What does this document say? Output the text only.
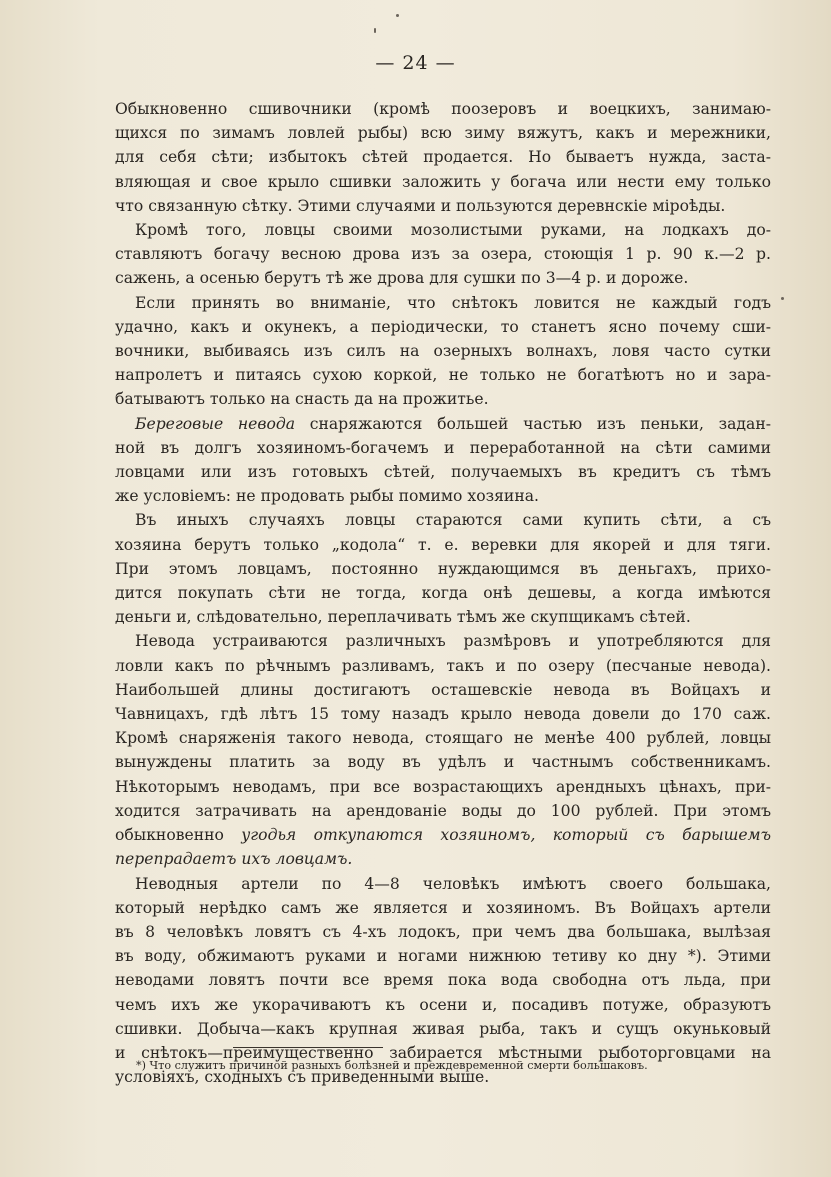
— 24 —

Обыкновенно сшивочники (кромѣ поозеровъ и воецкихъ, занимаю-
щихся по зимамъ ловлей рыбы) всю зиму вяжутъ, какъ и мережники,
для себя сѣти; избытокъ сѣтей продается. Но бываетъ нужда, заста-
вляющая и свое крыло сшивки заложить у богача или нести ему только
что связанную сѣтку. Этими случаями и пользуются деревнскіе міроѣды.

Кромѣ того, ловцы своими мозолистыми руками, на лодкахъ до-
ставляютъ богачу весною дрова изъ за озера, стоющія 1 р. 90 к.—2 р.
сажень, а осенью берутъ тѣ же дрова для сушки по 3—4 р. и дороже.

Если принять во вниманіе, что снѣтокъ ловится не каждый годъ
удачно, какъ и окунекъ, а періодически, то станетъ ясно почему сши-
вочники, выбиваясь изъ силъ на озерныхъ волнахъ, ловя часто сутки
напролетъ и питаясь сухою коркой, не только не богатѣютъ но и зара-
батываютъ только на снасть да на прожитье.

Береговые невода снаряжаются большей частью изъ пеньки, задан-
ной въ долгъ хозяиномъ-богачемъ и переработанной на сѣти самими
ловцами или изъ готовыхъ сѣтей, получаемыхъ въ кредитъ съ тѣмъ
же условіемъ: не продовать рыбы помимо хозяина.

Въ иныхъ случаяхъ ловцы стараются сами купить сѣти, а съ
хозяина берутъ только „кодола“ т. е. веревки для якорей и для тяги.
При этомъ ловцамъ, постоянно нуждающимся въ деньгахъ, прихо-
дится покупать сѣти не тогда, когда онѣ дешевы, а когда имѣются
деньги и, слѣдовательно, переплачивать тѣмъ же скупщикамъ сѣтей.

Невода устраиваются различныхъ размѣровъ и употребляются для
ловли какъ по рѣчнымъ разливамъ, такъ и по озеру (песчаные невода).
Наибольшей длины достигаютъ осташевскіе невода въ Войцахъ и
Чавницахъ, гдѣ лѣтъ 15 тому назадъ крыло невода довели до 170 саж.
Кромѣ снаряженія такого невода, стоящаго не менѣе 400 рублей, ловцы
вынуждены платить за воду въ удѣлъ и частнымъ собственникамъ.
Нѣкоторымъ неводамъ, при все возрастающихъ арендныхъ цѣнахъ, при-
ходится затрачивать на арендованіе воды до 100 рублей. При этомъ
обыкновенно угодья откупаются хозяиномъ, который съ барышемъ
перепрадаетъ ихъ ловцамъ.

Неводныя артели по 4—8 человѣкъ имѣютъ своего большака,
который нерѣдко самъ же является и хозяиномъ. Въ Войцахъ артели
въ 8 человѣкъ ловятъ съ 4-хъ лодокъ, при чемъ два большака, вылѣзая
въ воду, обжимаютъ руками и ногами нижнюю тетиву ко дну *). Этими
неводами ловятъ почти все время пока вода свободна отъ льда, при
чемъ ихъ же укорачиваютъ къ осени и, посадивъ потуже, образуютъ
сшивки. Добыча—какъ крупная живая рыба, такъ и сущъ окуньковый
и снѣтокъ—преимущественно забирается мѣстными рыботорговцами на
условіяхъ, сходныхъ съ приведенными выше.

*) Что служитъ причиной разныхъ болѣзней и преждевременной смерти большаковъ.
